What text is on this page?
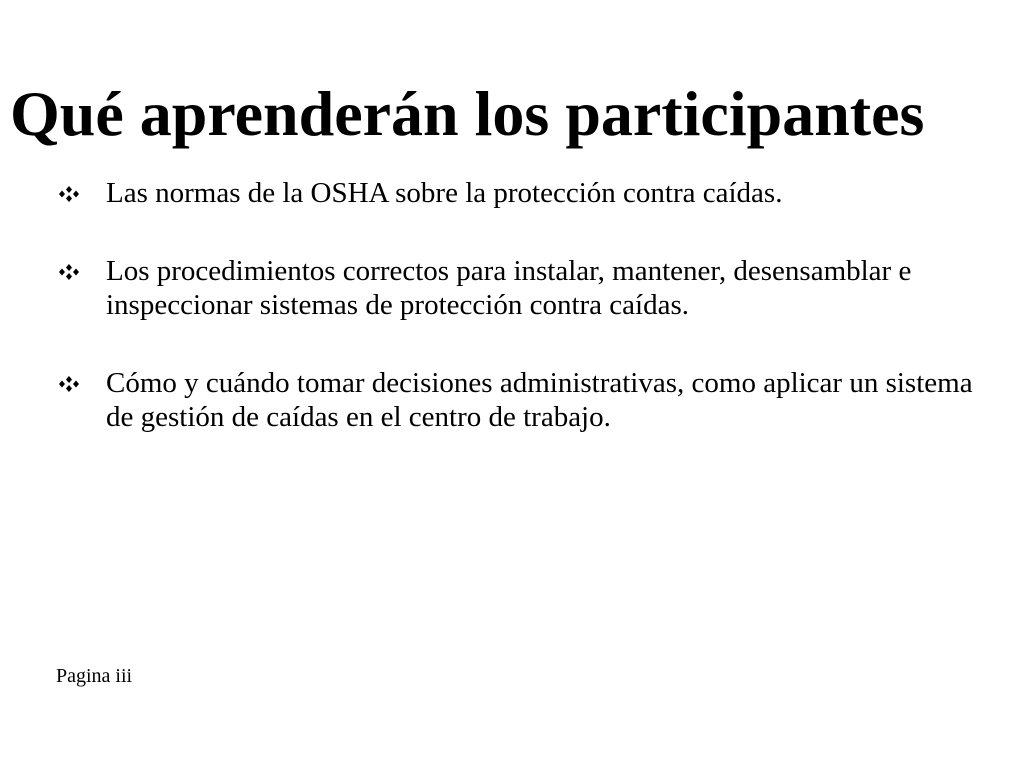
Qué aprenderán los participantes
Las normas de la OSHA sobre la protección contra caídas.
Los procedimientos correctos para instalar, mantener, desensamblar e inspeccionar sistemas de protección contra caídas.
Cómo y cuándo tomar decisiones administrativas, como aplicar un sistema de gestión de caídas en el centro de trabajo.
Pagina iii
